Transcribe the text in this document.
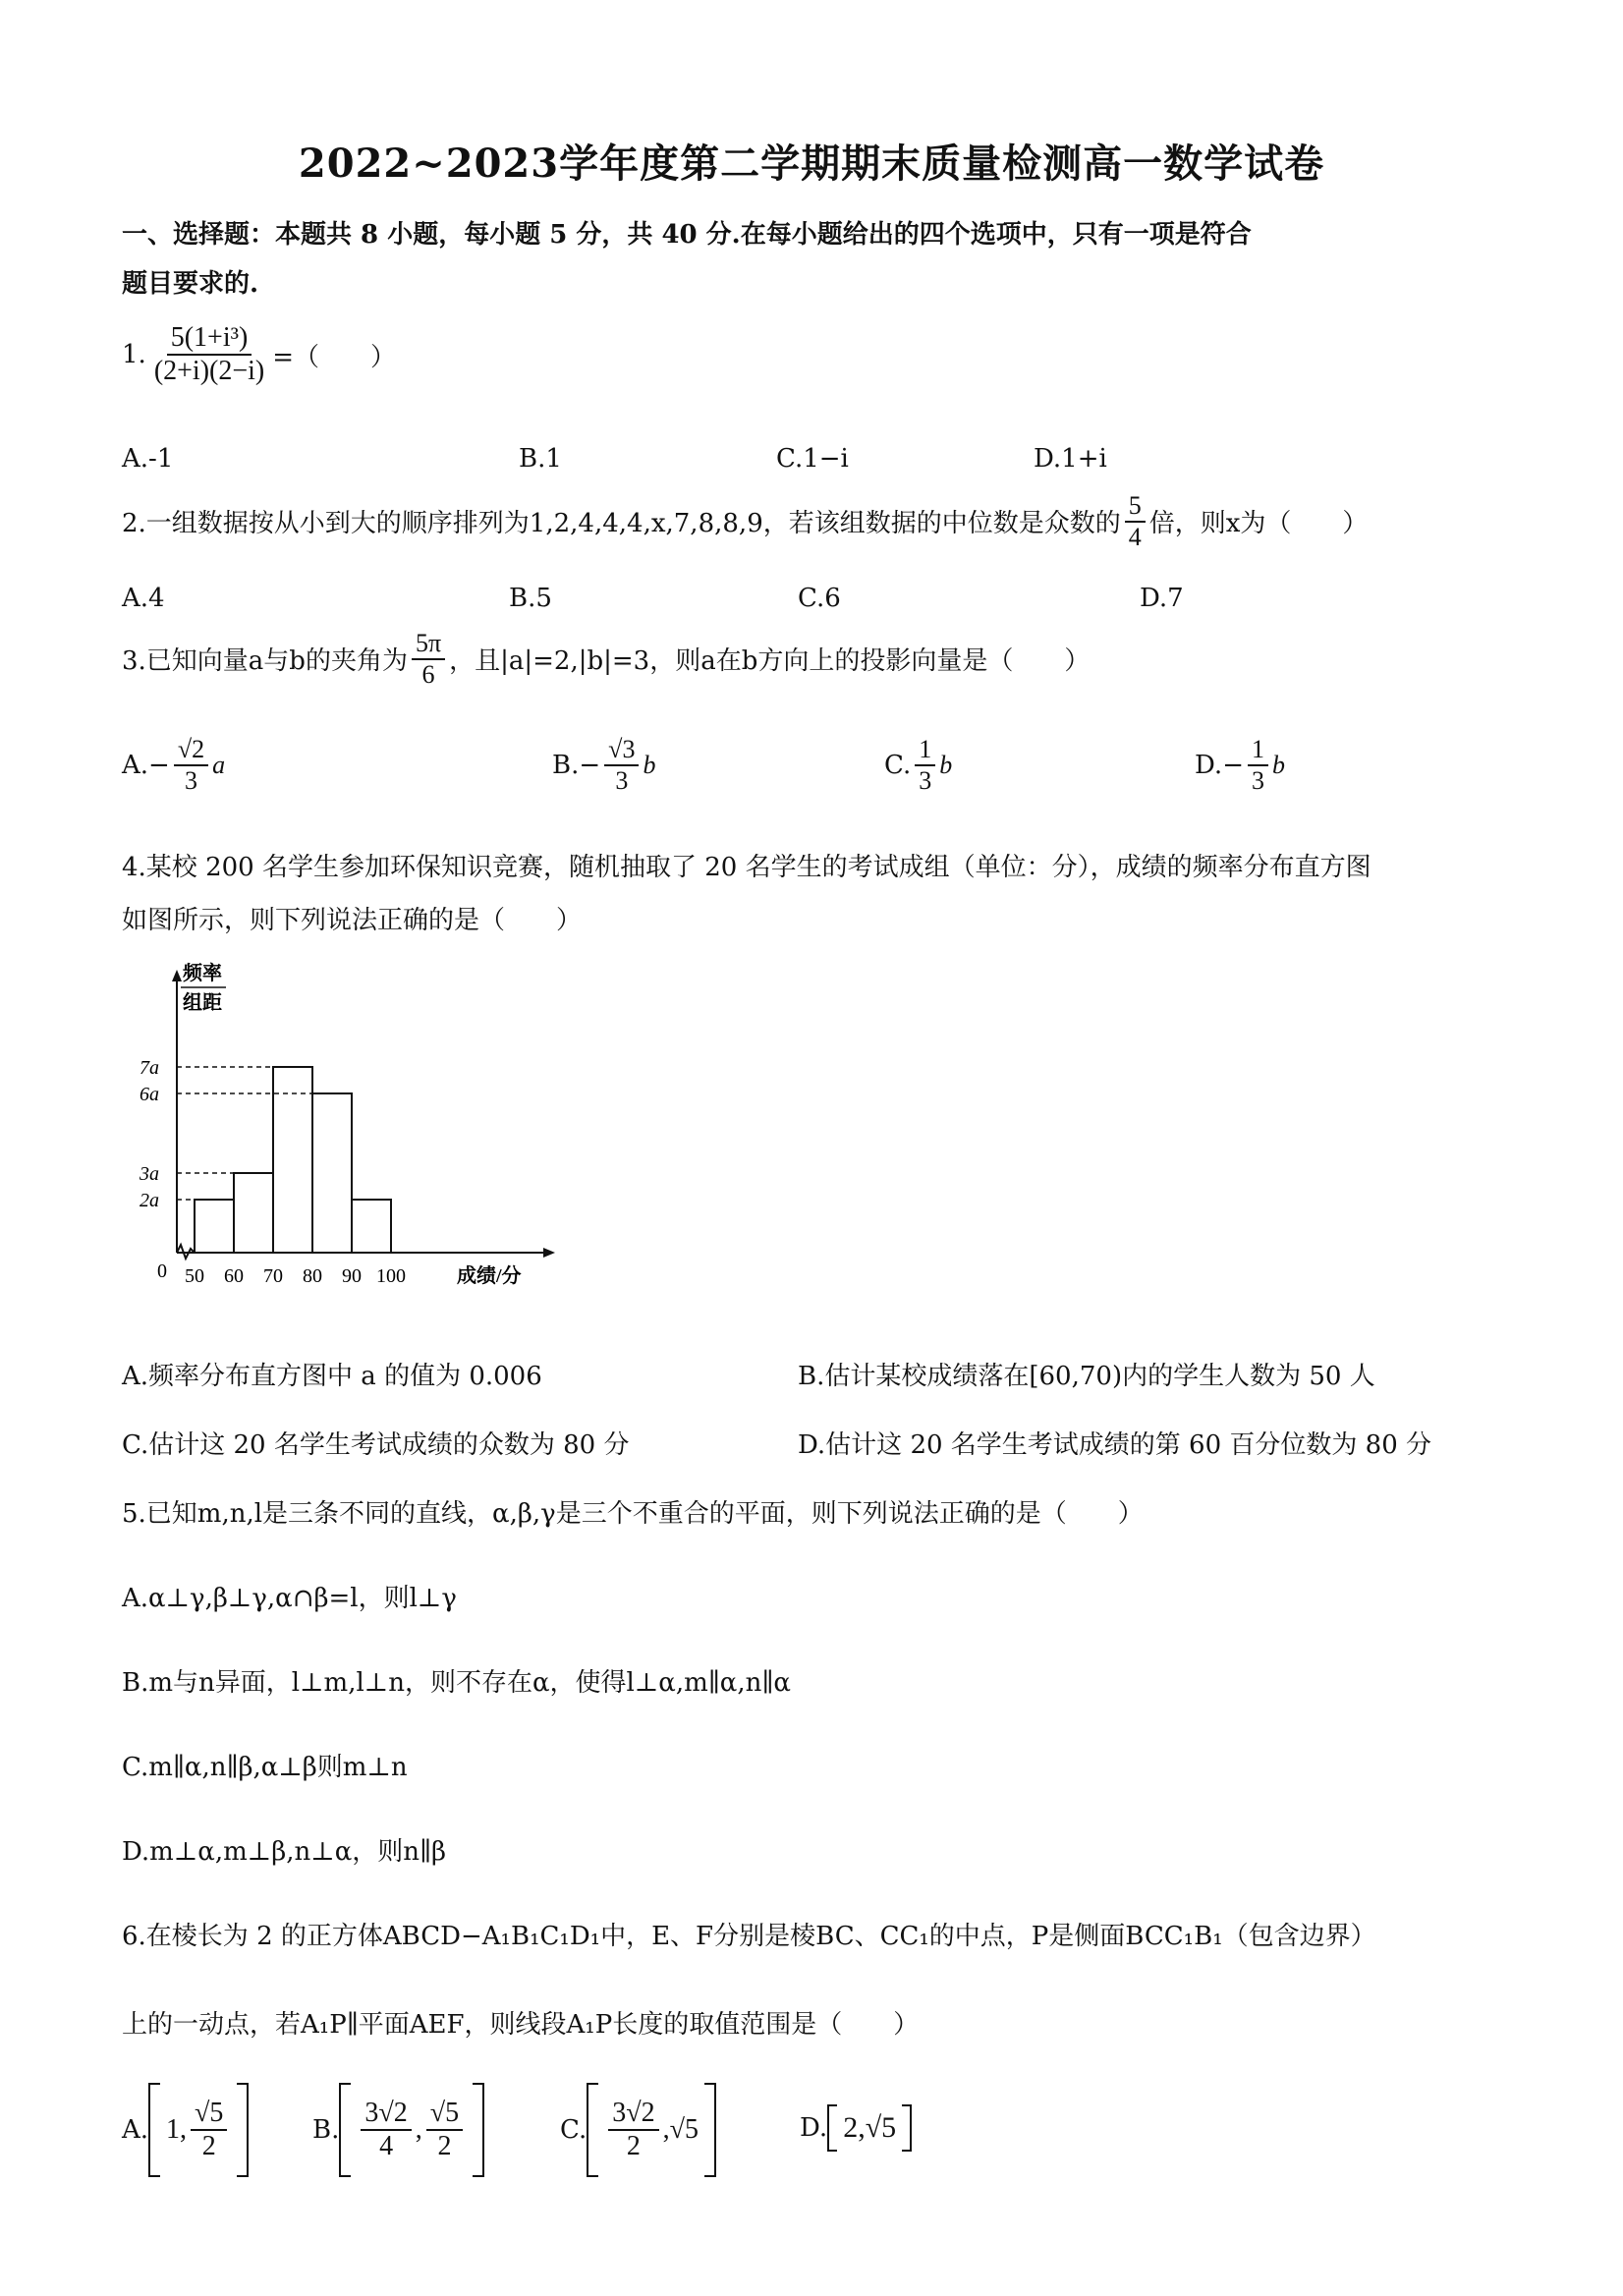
2022~2023学年度第二学期期末质量检测高一数学试卷
一、选择题：本题共 8 小题，每小题 5 分，共 40 分.在每小题给出的四个选项中，只有一项是符合
题目要求的.
1. $\frac{\text{5(1+i³)}}{(2+i)(2-i)}$ =（　　）
A.-1	B.1	C.1−i	D.1+i
2.一组数据按从小到大的顺序排列为1,2,4,4,4,x,7,8,8,9，若该组数据的中位数是众数的 $\frac{5}{4}$ 倍，则x为（　　）
A.4	B.5	C.6	D.7
3.已知向量a与b的夹角为 $\frac{5\pi}{6}$ ，且|a|=2,|b|=3，则a在b方向上的投影向量是（　　）
A. − $\frac{√2}{3}$ a	B. − $\frac{√3}{3}$ b	C. $\frac{1}{3}$ b	D. − $\frac{1}{3}$ b
4.某校 200 名学生参加环保知识竞赛，随机抽取了 20 名学生的考试成组（单位：分），成绩的频率分布直方图
如图所示，则下列说法正确的是（　　）
频率
组距
0
2a
3a
6a
7a
50 60 70 80 90 100	成绩/分
A.频率分布直方图中 a 的值为 0.006	B.估计某校成绩落在[60,70)内的学生人数为 50 人
C.估计这 20 名学生考试成绩的众数为 80 分	D.估计这 20 名学生考试成绩的第 60 百分位数为 80 分
5.已知m,n,l是三条不同的直线，α,β,γ是三个不重合的平面，则下列说法正确的是（　　）
A.α⊥γ,β⊥γ,α∩β=l，则l⊥γ
B.m与n异面，l⊥m,l⊥n，则不存在α，使得l⊥α,m∥α,n∥α
C.m∥α,n∥β,α⊥β则m⊥n
D.m⊥α,m⊥β,n⊥α，则n∥β
6.在棱长为 2 的正方体ABCD−A₁B₁C₁D₁中，E、F分别是棱BC、CC₁的中点，P是侧面BCC₁B₁（包含边界）
上的一动点，若A₁P∥平面AEF，则线段A₁P长度的取值范围是（　　）
A. 1, $\frac{√5}{2}$	B. $\frac{3√2}{4}$ , $\frac{√5}{2}$	C. $\frac{3√2}{2}$ , √5	D. 2,√5
